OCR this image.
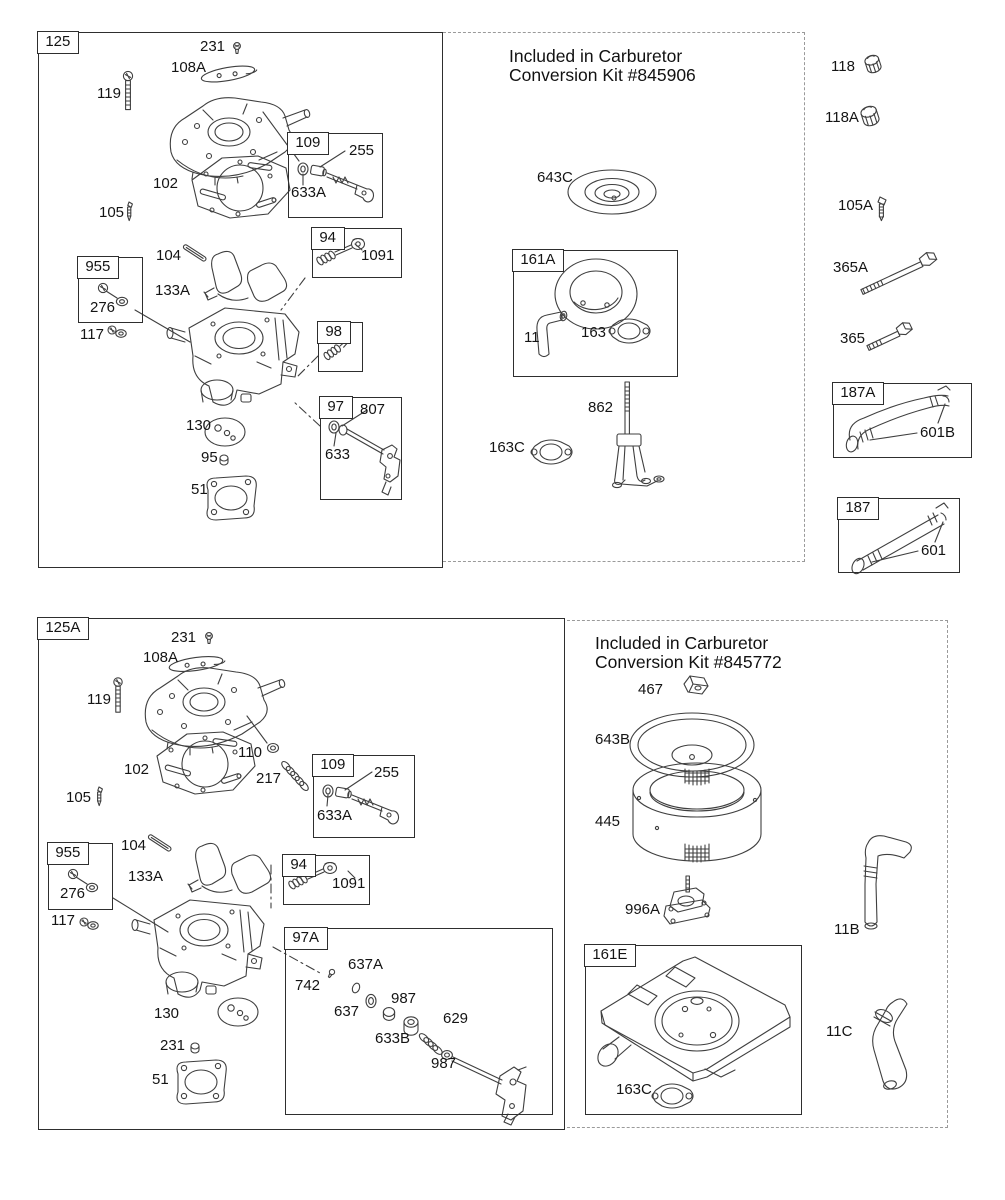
125
109
94
955
98
97
161A
187A
187
125A
109
94
955
97A
161E
231
108A
119
102
105
255
633A
1091
104
133A
276
117
807
633
130
95
51
643C
11	163
862
163C
118
118A
105A
365A
365
601B
601
231
108A
119
110
102
217
105
255
633A
104
133A	1091
276
117
130
231
51
637A
742
987
637
633B
629
987
467
643B
445
996A
163C
11B
11C
Included in Carburetor
Conversion Kit #845906
Included in Carburetor
Conversion Kit #845772
